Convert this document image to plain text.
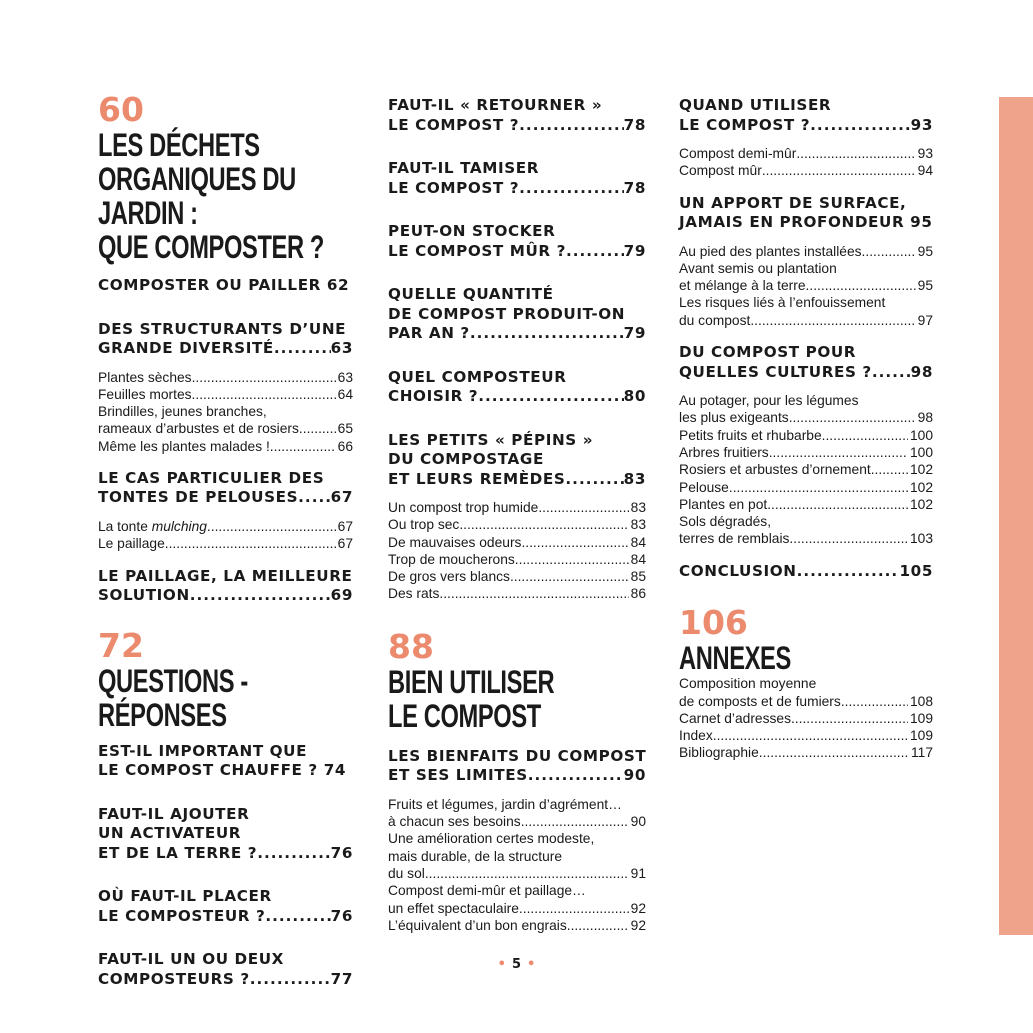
60
LES DÉCHETS
ORGANIQUES DU JARDIN :
QUE COMPOSTER ?
COMPOSTER OU PAILLER 62
DES STRUCTURANTS D’UNE
GRANDE DIVERSITÉ .....	63
Plantes sèches .....	63
Feuilles mortes .....	64
Brindilles, jeunes branches,
rameaux d’arbustes et de rosiers .....	65
Même les plantes malades ! .....	66
LE CAS PARTICULIER DES
TONTES DE PELOUSES ..... 67
La tonte mulching .....	67
Le paillage .....	67
LE PAILLAGE, LA MEILLEURE
SOLUTION .....	69
72
QUESTIONS - RÉPONSES
EST-IL IMPORTANT QUE
LE COMPOST CHAUFFE ? 74
FAUT-IL AJOUTER
UN ACTIVATEUR
ET DE LA TERRE ? .....	76
OÙ FAUT-IL PLACER
LE COMPOSTEUR ? .....	76
FAUT-IL UN OU DEUX
COMPOSTEURS ? .....	77
FAUT-IL « RETOURNER »
LE COMPOST ? .....	78
FAUT-IL TAMISER
LE COMPOST ? .....	78
PEUT-ON STOCKER
LE COMPOST MÛR ? .....	79
QUELLE QUANTITÉ
DE COMPOST PRODUIT-ON
PAR AN ? .....	79
QUEL COMPOSTEUR
CHOISIR ? .....	80
LES PETITS « PÉPINS »
DU COMPOSTAGE
ET LEURS REMÈDES .....	83
Un compost trop humide .....	83
Ou trop sec .....	83
De mauvaises odeurs .....	84
Trop de moucherons .....	84
De gros vers blancs .....	85
Des rats .....	86
88
BIEN UTILISER
LE COMPOST
LES BIENFAITS DU COMPOST
ET SES LIMITES .....	90
Fruits et légumes, jardin d’agrément…
à chacun ses besoins .....	90
Une amélioration certes modeste,
mais durable, de la structure
du sol .....	91
Compost demi-mûr et paillage…
un effet spectaculaire .....	92
L’équivalent d’un bon engrais .....	92
QUAND UTILISER
LE COMPOST ? .....	93
Compost demi-mûr .....	93
Compost mûr .....	94
UN APPORT DE SURFACE,
JAMAIS EN PROFONDEUR 95
Au pied des plantes installées .....	95
Avant semis ou plantation
et mélange à la terre .....	95
Les risques liés à l’enfouissement
du compost .....	97
DU COMPOST POUR
QUELLES CULTURES ? .....	98
Au potager, pour les légumes
les plus exigeants .....	98
Petits fruits et rhubarbe .....	100
Arbres fruitiers .....	100
Rosiers et arbustes d’ornement .....	102
Pelouse .....	102
Plantes en pot .....	102
Sols dégradés,
terres de remblais. .....	103
CONCLUSION .....	105
106
ANNEXES
Composition moyenne
de composts et de fumiers .....	108
Carnet d’adresses .....	109
Index .....	109
Bibliographie .....	117
• 5 •
